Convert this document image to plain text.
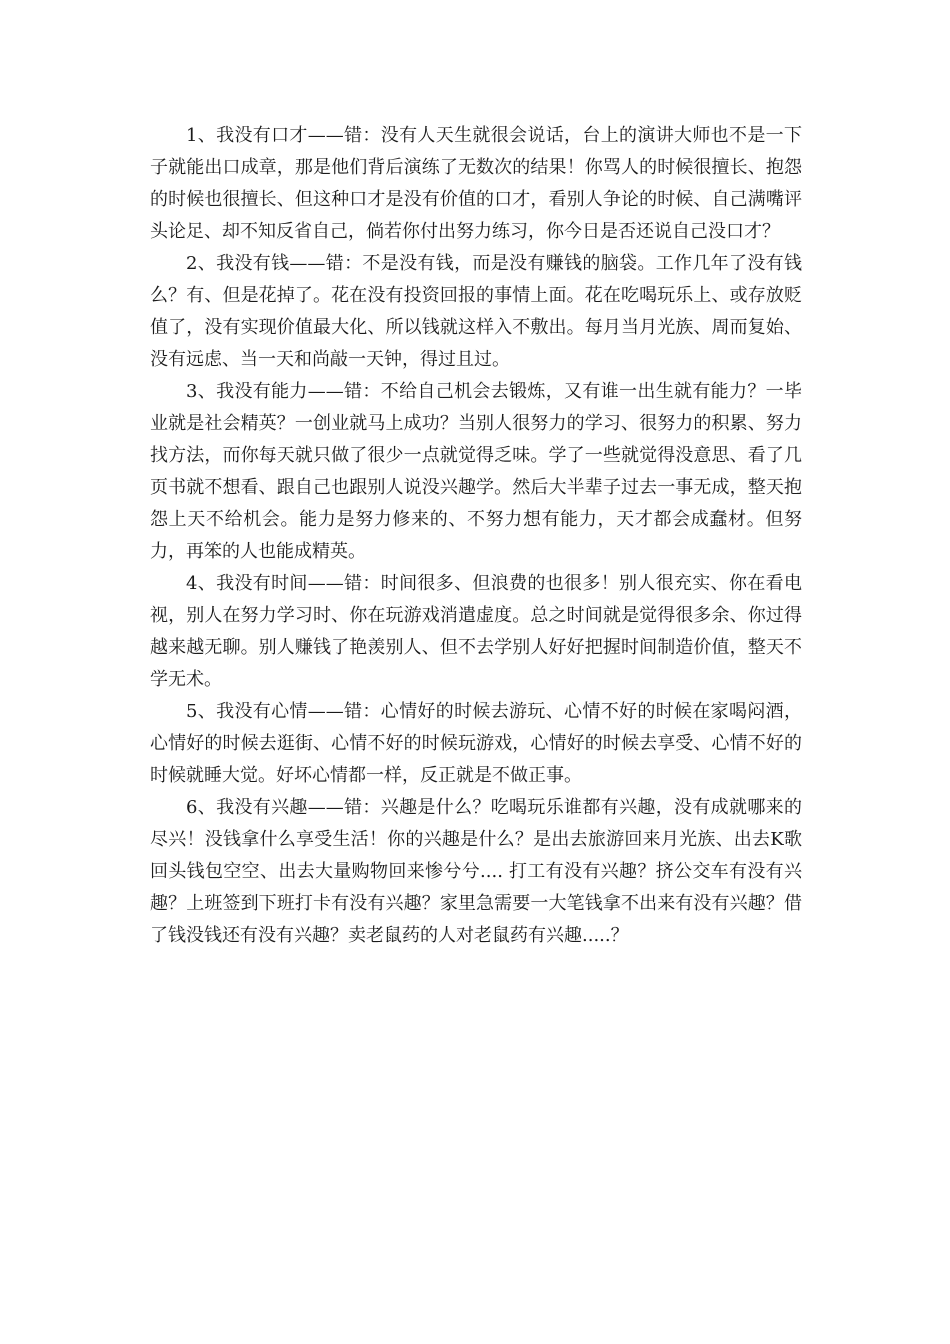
1、我没有口才——错：没有人天生就很会说话，台上的演讲大师也不是一下子就能出口成章，那是他们背后演练了无数次的结果！你骂人的时候很擅长、抱怨的时候也很擅长、但这种口才是没有价值的口才，看别人争论的时候、自己满嘴评头论足、却不知反省自己，倘若你付出努力练习，你今日是否还说自己没口才？

2、我没有钱——错：不是没有钱，而是没有赚钱的脑袋。工作几年了没有钱么？有、但是花掉了。花在没有投资回报的事情上面。花在吃喝玩乐上、或存放贬值了，没有实现价值最大化、所以钱就这样入不敷出。每月当月光族、周而复始、没有远虑、当一天和尚敲一天钟，得过且过。

3、我没有能力——错：不给自己机会去锻炼，又有谁一出生就有能力？一毕业就是社会精英？一创业就马上成功？当别人很努力的学习、很努力的积累、努力找方法，而你每天就只做了很少一点就觉得乏味。学了一些就觉得没意思、看了几页书就不想看、跟自己也跟别人说没兴趣学。然后大半辈子过去一事无成，整天抱怨上天不给机会。能力是努力修来的、不努力想有能力，天才都会成蠢材。但努力，再笨的人也能成精英。

4、我没有时间——错：时间很多、但浪费的也很多！别人很充实、你在看电视，别人在努力学习时、你在玩游戏消遣虚度。总之时间就是觉得很多余、你过得越来越无聊。别人赚钱了艳羡别人、但不去学别人好好把握时间制造价值，整天不学无术。

5、我没有心情——错：心情好的时候去游玩、心情不好的时候在家喝闷酒，心情好的时候去逛街、心情不好的时候玩游戏，心情好的时候去享受、心情不好的时候就睡大觉。好坏心情都一样，反正就是不做正事。

6、我没有兴趣——错：兴趣是什么？吃喝玩乐谁都有兴趣，没有成就哪来的尽兴！没钱拿什么享受生活！你的兴趣是什么？是出去旅游回来月光族、出去K歌回头钱包空空、出去大量购物回来惨兮兮.... 打工有没有兴趣？挤公交车有没有兴趣？上班签到下班打卡有没有兴趣？家里急需要一大笔钱拿不出来有没有兴趣？借了钱没钱还有没有兴趣？卖老鼠药的人对老鼠药有兴趣.....？
